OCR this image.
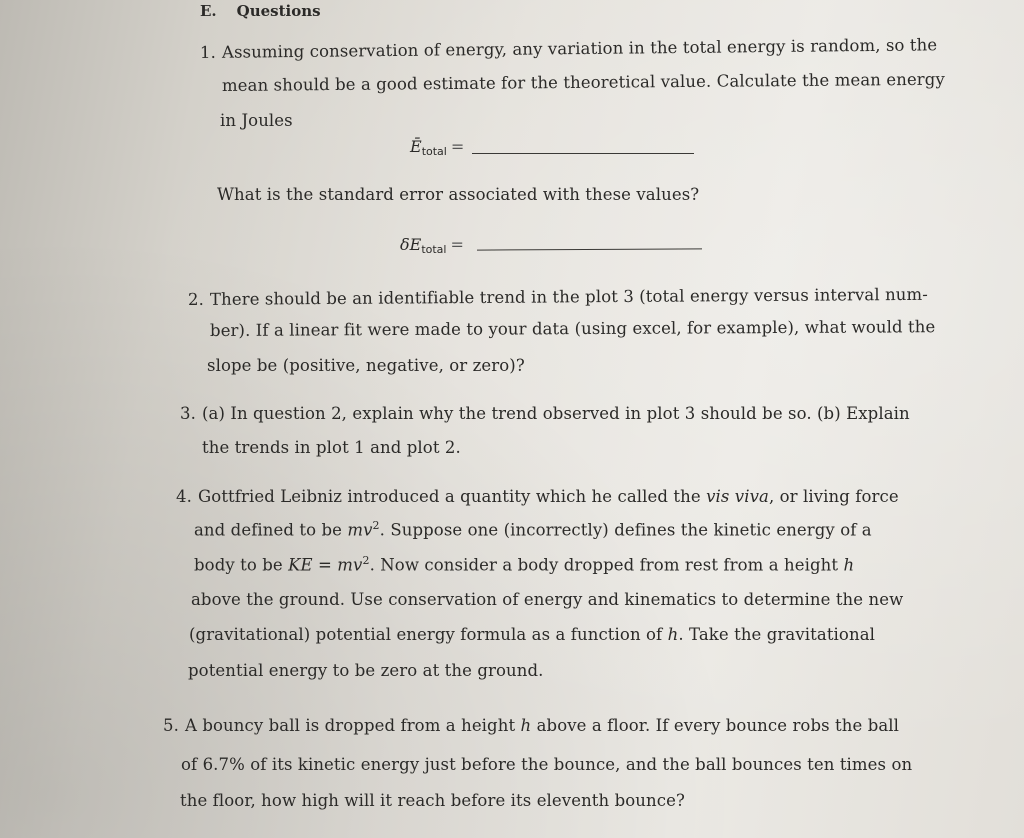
E. Questions
1. Assuming conservation of energy, any variation in the total energy is random, so the
mean should be a good estimate for the theoretical value. Calculate the mean energy
in Joules
$Ē_{total}$ =
What is the standard error associated with these values?
$\delta E_{total}$ =
2. There should be an identifiable trend in the plot 3 (total energy versus interval num-
ber). If a linear fit were made to your data (using excel, for example), what would the
slope be (positive, negative, or zero)?
3. (a) In question 2, explain why the trend observed in plot 3 should be so. (b) Explain
the trends in plot 1 and plot 2.
4. Gottfried Leibniz introduced a quantity which he called the vis viva, or living force
and defined to be $mv^2$. Suppose one (incorrectly) defines the kinetic energy of a
body to be KE = $mv^2$. Now consider a body dropped from rest from a height h
above the ground. Use conservation of energy and kinematics to determine the new
(gravitational) potential energy formula as a function of h. Take the gravitational
potential energy to be zero at the ground.
5. A bouncy ball is dropped from a height h above a floor. If every bounce robs the ball
of 6.7% of its kinetic energy just before the bounce, and the ball bounces ten times on
the floor, how high will it reach before its eleventh bounce?
